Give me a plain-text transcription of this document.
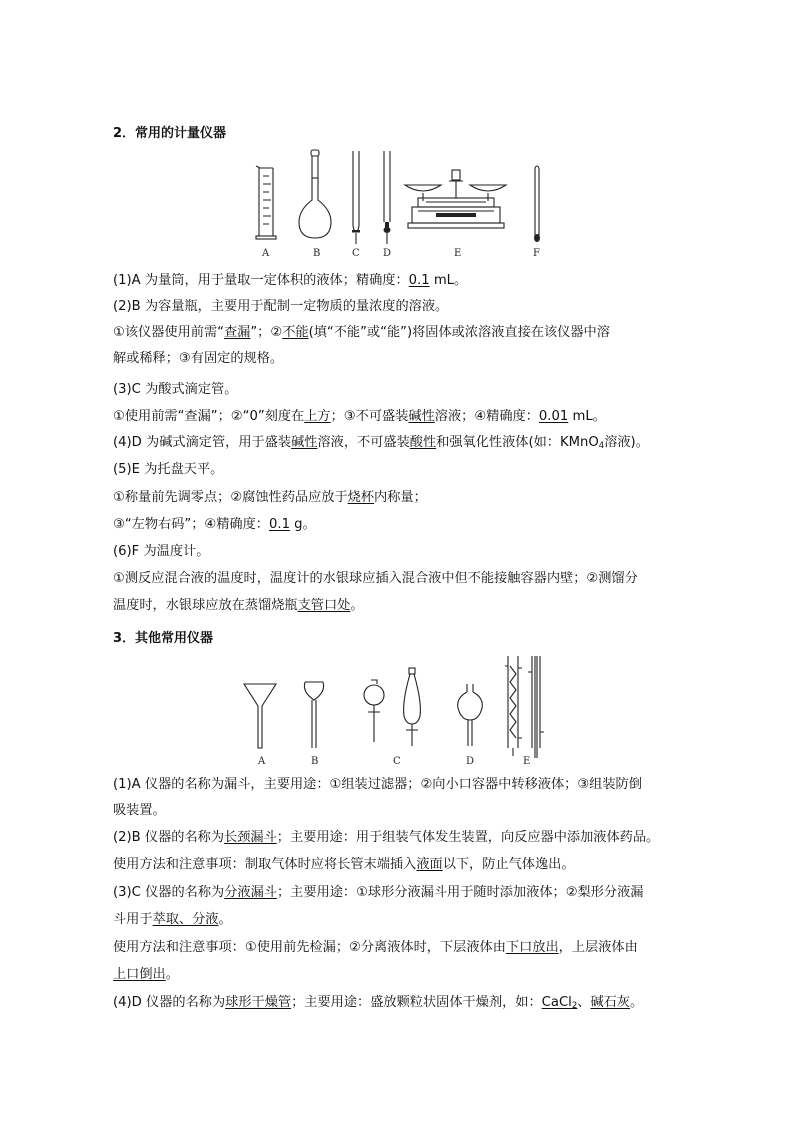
2．常用的计量仪器
A	B	C D	E	F
(1)A 为量筒，用于量取一定体积的液体；精确度：0.1 mL。
(2)B 为容量瓶，主要用于配制一定物质的量浓度的溶液。
①该仪器使用前需“查漏”；②不能(填“不能”或“能”)将固体或浓溶液直接在该仪器中溶
解或稀释；③有固定的规格。
(3)C 为酸式滴定管。
①使用前需“查漏”；②“0”刻度在上方；③不可盛装碱性溶液；④精确度：0.01 mL。
(4)D 为碱式滴定管，用于盛装碱性溶液，不可盛装酸性和强氧化性液体(如：KMnO$_4$溶液)。
(5)E 为托盘天平。
①称量前先调零点；②腐蚀性药品应放于烧杯内称量；
③“左物右码”；④精确度：0.1 g。
(6)F 为温度计。
①测反应混合液的温度时，温度计的水银球应插入混合液中但不能接触容器内壁；②测馏分
温度时，水银球应放在蒸馏烧瓶支管口处。
3．其他常用仪器
A	B	C	D	E
(1)A 仪器的名称为漏斗，主要用途：①组装过滤器；②向小口容器中转移液体；③组装防倒
吸装置。
(2)B 仪器的名称为长颈漏斗；主要用途：用于组装气体发生装置，向反应器中添加液体药品。
使用方法和注意事项：制取气体时应将长管末端插入液面以下，防止气体逸出。
(3)C 仪器的名称为分液漏斗；主要用途：①球形分液漏斗用于随时添加液体；②梨形分液漏
斗用于萃取、分液。
使用方法和注意事项：①使用前先检漏；②分离液体时，下层液体由下口放出，上层液体由
上口倒出。
(4)D 仪器的名称为球形干燥管；主要用途：盛放颗粒状固体干燥剂，如：CaCl$_2$、碱石灰。
